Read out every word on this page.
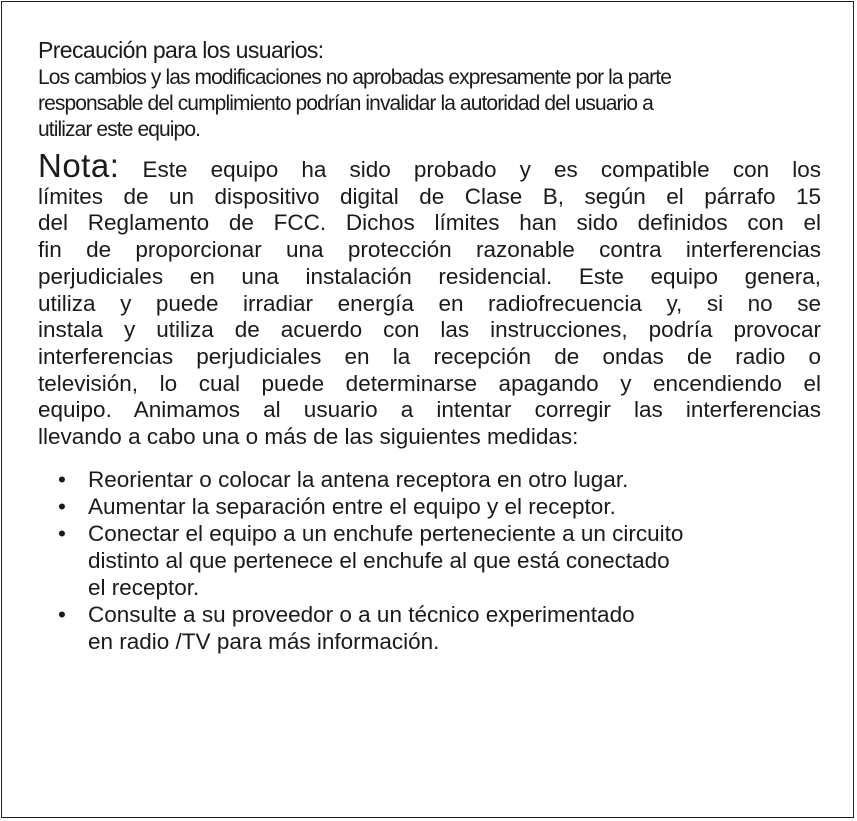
Precaución para los usuarios:

Los cambios y las modificaciones no aprobadas expresamente por la parte

responsable del cumplimiento podrían invalidar la autoridad del usuario a

utilizar este equipo.

Nota: Este equipo ha sido probado y es compatible con los

límites de un dispositivo digital de Clase B, según el párrafo 15

del Reglamento de FCC. Dichos límites han sido definidos con el

fin de proporcionar una protección razonable contra interferencias

perjudiciales en una instalación residencial. Este equipo genera,

utiliza y puede irradiar energía en radiofrecuencia y, si no se

instala y utiliza de acuerdo con las instrucciones, podría provocar

interferencias perjudiciales en la recepción de ondas de radio o

televisión, lo cual puede determinarse apagando y encendiendo el

equipo. Animamos al usuario a intentar corregir las interferencias

llevando a cabo una o más de las siguientes medidas:

• Reorientar o colocar la antena receptora en otro lugar.
• Aumentar la separación entre el equipo y el receptor.
• Conectar el equipo a un enchufe perteneciente a un circuito
distinto al que pertenece el enchufe al que está conectado
el receptor.
• Consulte a su proveedor o a un técnico experimentado
en radio /TV para más información.
